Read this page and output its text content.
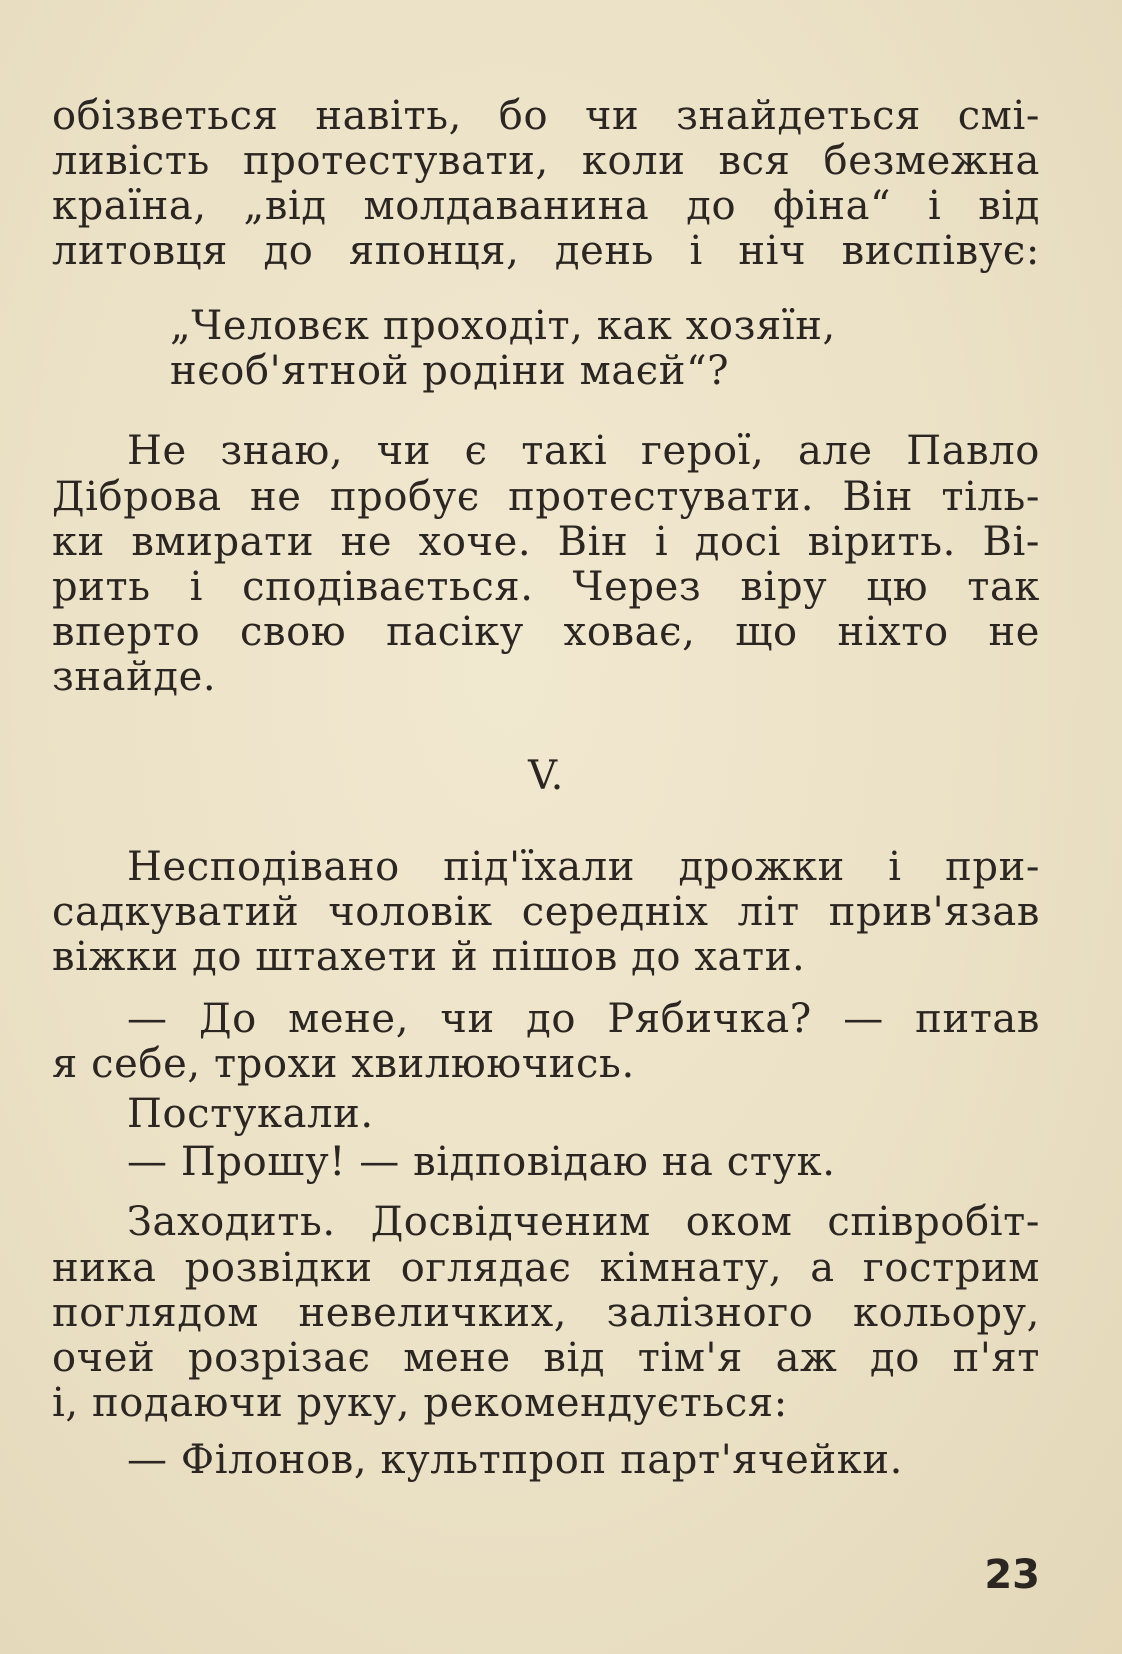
обізветься навіть, бо чи знайдеться смі-
ливість протестувати, коли вся безмежна
країна, „від молдаванина до фіна“ і від
литовця до японця, день і ніч виспівує:
„Человєк проходіт, как хозяїн,
нєоб'ятной родіни маєй“?
Не знаю, чи є такі герої, але Павло
Діброва не пробує протестувати. Він тіль-
ки вмирати не хоче. Він і досі вірить. Ві-
рить і сподівається. Через віру цю так
вперто свою пасіку ховає, що ніхто не
знайде.
V.
Несподівано під'їхали дрожки і при-
садкуватий чоловік середніх літ прив'язав
віжки до штахети й пішов до хати.
— До мене, чи до Рябичка? — питав
я себе, трохи хвилюючись.
Постукали.
— Прошу! — відповідаю на стук.
Заходить. Досвідченим оком співробіт-
ника розвідки оглядає кімнату, а гострим
поглядом невеличких, залізного кольору,
очей розрізає мене від тім'я аж до п'ят
і, подаючи руку, рекомендується:
— Філонов, культпроп парт'ячейки.
23
